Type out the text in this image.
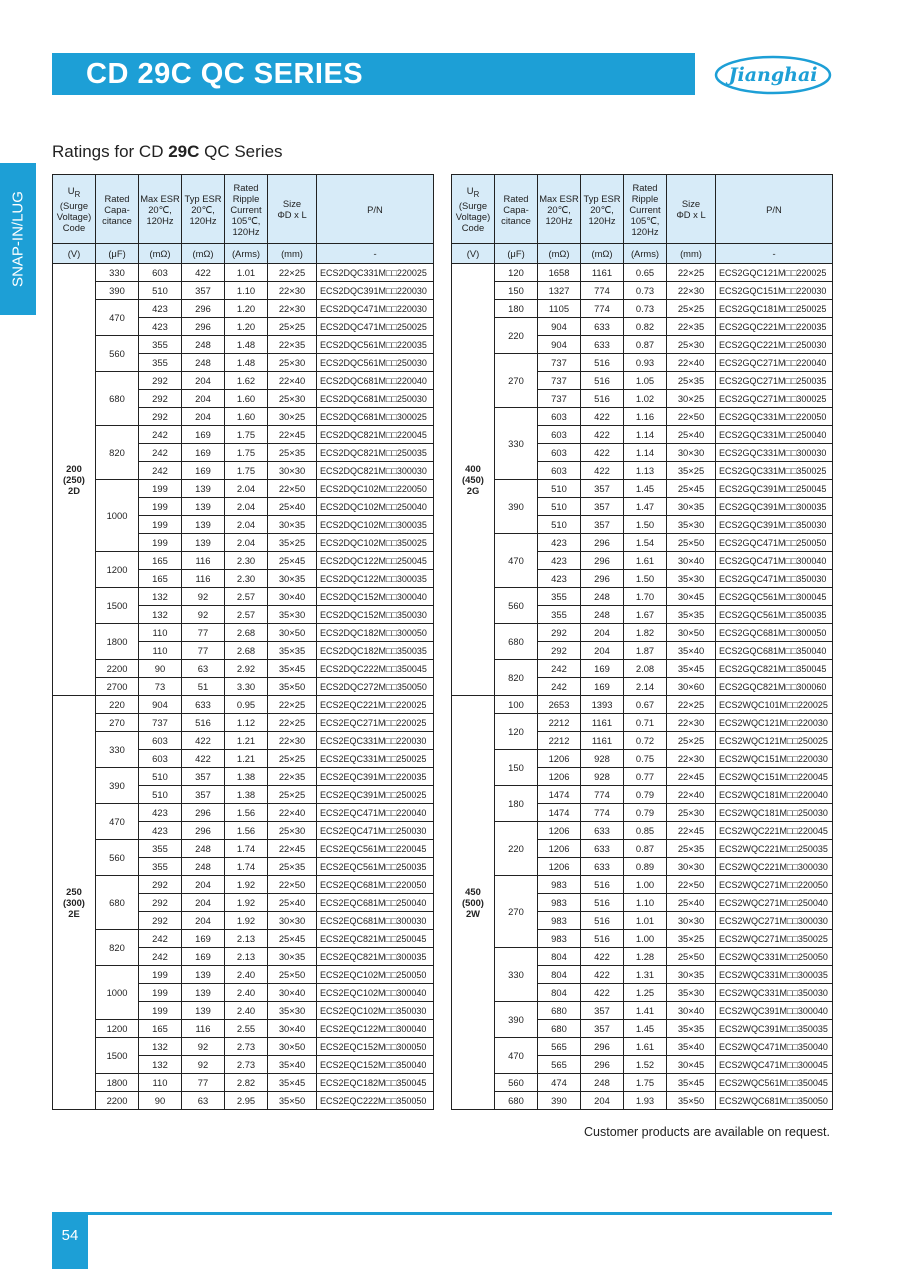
CD 29C QC SERIES	Jianghai
SNAP-IN/LUG
Ratings for CD 29C QC Series
$U_R$
(Surge
Voltage)
Code	Rated
Capa-
citance	Max ESR
20℃,
120Hz	Typ ESR
20℃,
120Hz	Rated
Ripple
Current
105℃,
120Hz	Size
ΦD x L	P/N
(V)	(μF)	(mΩ)	(mΩ)	(Arms)	(mm)	-
200
(250)
2D	330	603	422	1.01	22×25	ECS2DQC331M□□220025
	390	510	357	1.10	22×30	ECS2DQC391M□□220030
	470	423	296	1.20	22×30	ECS2DQC471M□□220030
		423	296	1.20	25×25	ECS2DQC471M□□250025
	560	355	248	1.48	22×35	ECS2DQC561M□□220035
		355	248	1.48	25×30	ECS2DQC561M□□250030
	680	292	204	1.62	22×40	ECS2DQC681M□□220040
		292	204	1.60	25×30	ECS2DQC681M□□250030
		292	204	1.60	30×25	ECS2DQC681M□□300025
	820	242	169	1.75	22×45	ECS2DQC821M□□220045
		242	169	1.75	25×35	ECS2DQC821M□□250035
		242	169	1.75	30×30	ECS2DQC821M□□300030
	1000	199	139	2.04	22×50	ECS2DQC102M□□220050
		199	139	2.04	25×40	ECS2DQC102M□□250040
		199	139	2.04	30×35	ECS2DQC102M□□300035
		199	139	2.04	35×25	ECS2DQC102M□□350025
	1200	165	116	2.30	25×45	ECS2DQC122M□□250045
		165	116	2.30	30×35	ECS2DQC122M□□300035
	1500	132	92	2.57	30×40	ECS2DQC152M□□300040
		132	92	2.57	35×30	ECS2DQC152M□□350030
	1800	110	77	2.68	30×50	ECS2DQC182M□□300050
		110	77	2.68	35×35	ECS2DQC182M□□350035
	2200	90	63	2.92	35×45	ECS2DQC222M□□350045
	2700	73	51	3.30	35×50	ECS2DQC272M□□350050
250
(300)
2E	220	904	633	0.95	22×25	ECS2EQC221M□□220025
	270	737	516	1.12	22×25	ECS2EQC271M□□220025
	330	603	422	1.21	22×30	ECS2EQC331M□□220030
		603	422	1.21	25×25	ECS2EQC331M□□250025
	390	510	357	1.38	22×35	ECS2EQC391M□□220035
		510	357	1.38	25×25	ECS2EQC391M□□250025
	470	423	296	1.56	22×40	ECS2EQC471M□□220040
		423	296	1.56	25×30	ECS2EQC471M□□250030
	560	355	248	1.74	22×45	ECS2EQC561M□□220045
		355	248	1.74	25×35	ECS2EQC561M□□250035
	680	292	204	1.92	22×50	ECS2EQC681M□□220050
		292	204	1.92	25×40	ECS2EQC681M□□250040
		292	204	1.92	30×30	ECS2EQC681M□□300030
	820	242	169	2.13	25×45	ECS2EQC821M□□250045
		242	169	2.13	30×35	ECS2EQC821M□□300035
	1000	199	139	2.40	25×50	ECS2EQC102M□□250050
		199	139	2.40	30×40	ECS2EQC102M□□300040
		199	139	2.40	35×30	ECS2EQC102M□□350030
	1200	165	116	2.55	30×40	ECS2EQC122M□□300040
	1500	132	92	2.73	30×50	ECS2EQC152M□□300050
		132	92	2.73	35×40	ECS2EQC152M□□350040
	1800	110	77	2.82	35×45	ECS2EQC182M□□350045
	2200	90	63	2.95	35×50	ECS2EQC222M□□350050
$U_R$
(Surge
Voltage)
Code	Rated
Capa-
citance	Max ESR
20℃,
120Hz	Typ ESR
20℃,
120Hz	Rated
Ripple
Current
105℃,
120Hz	Size
ΦD x L	P/N
(V)	(μF)	(mΩ)	(mΩ)	(Arms)	(mm)	-
400
(450)
2G	120	1658	1161	0.65	22×25	ECS2GQC121M□□220025
	150	1327	774	0.73	22×30	ECS2GQC151M□□220030
	180	1105	774	0.73	25×25	ECS2GQC181M□□250025
	220	904	633	0.82	22×35	ECS2GQC221M□□220035
		904	633	0.87	25×30	ECS2GQC221M□□250030
	270	737	516	0.93	22×40	ECS2GQC271M□□220040
		737	516	1.05	25×35	ECS2GQC271M□□250035
		737	516	1.02	30×25	ECS2GQC271M□□300025
	330	603	422	1.16	22×50	ECS2GQC331M□□220050
		603	422	1.14	25×40	ECS2GQC331M□□250040
		603	422	1.14	30×30	ECS2GQC331M□□300030
		603	422	1.13	35×25	ECS2GQC331M□□350025
	390	510	357	1.45	25×45	ECS2GQC391M□□250045
		510	357	1.47	30×35	ECS2GQC391M□□300035
		510	357	1.50	35×30	ECS2GQC391M□□350030
	470	423	296	1.54	25×50	ECS2GQC471M□□250050
		423	296	1.61	30×40	ECS2GQC471M□□300040
		423	296	1.50	35×30	ECS2GQC471M□□350030
	560	355	248	1.70	30×45	ECS2GQC561M□□300045
		355	248	1.67	35×35	ECS2GQC561M□□350035
	680	292	204	1.82	30×50	ECS2GQC681M□□300050
		292	204	1.87	35×40	ECS2GQC681M□□350040
	820	242	169	2.08	35×45	ECS2GQC821M□□350045
		242	169	2.14	30×60	ECS2GQC821M□□300060
450
(500)
2W	100	2653	1393	0.67	22×25	ECS2WQC101M□□220025
	120	2212	1161	0.71	22×30	ECS2WQC121M□□220030
		2212	1161	0.72	25×25	ECS2WQC121M□□250025
	150	1206	928	0.75	22×30	ECS2WQC151M□□220030
		1206	928	0.77	22×45	ECS2WQC151M□□220045
	180	1474	774	0.79	22×40	ECS2WQC181M□□220040
		1474	774	0.79	25×30	ECS2WQC181M□□250030
	220	1206	633	0.85	22×45	ECS2WQC221M□□220045
		1206	633	0.87	25×35	ECS2WQC221M□□250035
		1206	633	0.89	30×30	ECS2WQC221M□□300030
	270	983	516	1.00	22×50	ECS2WQC271M□□220050
		983	516	1.10	25×40	ECS2WQC271M□□250040
		983	516	1.01	30×30	ECS2WQC271M□□300030
		983	516	1.00	35×25	ECS2WQC271M□□350025
	330	804	422	1.28	25×50	ECS2WQC331M□□250050
		804	422	1.31	30×35	ECS2WQC331M□□300035
		804	422	1.25	35×30	ECS2WQC331M□□350030
	390	680	357	1.41	30×40	ECS2WQC391M□□300040
		680	357	1.45	35×35	ECS2WQC391M□□350035
	470	565	296	1.61	35×40	ECS2WQC471M□□350040
		565	296	1.52	30×45	ECS2WQC471M□□300045
	560	474	248	1.75	35×45	ECS2WQC561M□□350045
	680	390	204	1.93	35×50	ECS2WQC681M□□350050
Customer products are available on request.
54
